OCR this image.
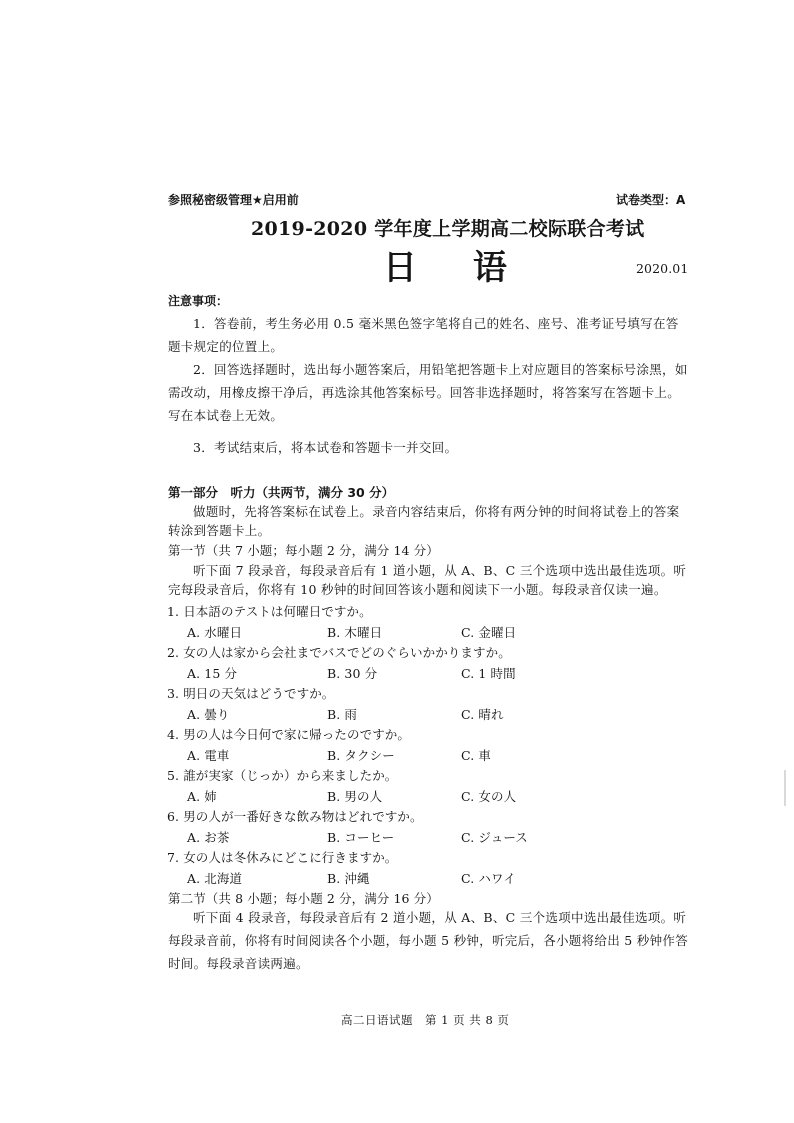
参照秘密级管理★启用前	试卷类型：A
2019-2020 学年度上学期高二校际联合考试
日 语	2020.01
注意事项：
1．答卷前，考生务必用 0.5 毫米黑色签字笔将自己的姓名、座号、准考证号填写在答题卡规定的位置上。
2．回答选择题时，选出每小题答案后，用铅笔把答题卡上对应题目的答案标号涂黑，如需改动，用橡皮擦干净后，再选涂其他答案标号。回答非选择题时，将答案写在答题卡上。写在本试卷上无效。
3．考试结束后，将本试卷和答题卡一并交回。
第一部分　听力（共两节，满分 30 分）
做题时，先将答案标在试卷上。录音内容结束后，你将有两分钟的时间将试卷上的答案转涂到答题卡上。
第一节（共 7 小题；每小题 2 分，满分 14 分）
听下面 7 段录音，每段录音后有 1 道小题，从 A、B、C 三个选项中选出最佳选项。听完每段录音后，你将有 10 秒钟的时间回答该小题和阅读下一小题。每段录音仅读一遍。
1. 日本語のテストは何曜日ですか。
A. 水曜日	B. 木曜日	C. 金曜日
2. 女の人は家から会社までバスでどのぐらいかかりますか。
A. 15 分	B. 30 分	C. 1 時間
3. 明日の天気はどうですか。
A. 曇り	B. 雨	C. 晴れ
4. 男の人は今日何で家に帰ったのですか。
A. 電車	B. タクシー	C. 車
5. 誰が実家（じっか）から来ましたか。
A. 姉	B. 男の人	C. 女の人
6. 男の人が一番好きな飲み物はどれですか。
A. お茶	B. コーヒー	C. ジュース
7. 女の人は冬休みにどこに行きますか。
A. 北海道	B. 沖縄	C. ハワイ
第二节（共 8 小题；每小题 2 分，满分 16 分）
听下面 4 段录音，每段录音后有 2 道小题，从 A、B、C 三个选项中选出最佳选项。听每段录音前，你将有时间阅读各个小题，每小题 5 秒钟，听完后，各小题将给出 5 秒钟作答时间。每段录音读两遍。
高二日语试题　第 1 页 共 8 页
